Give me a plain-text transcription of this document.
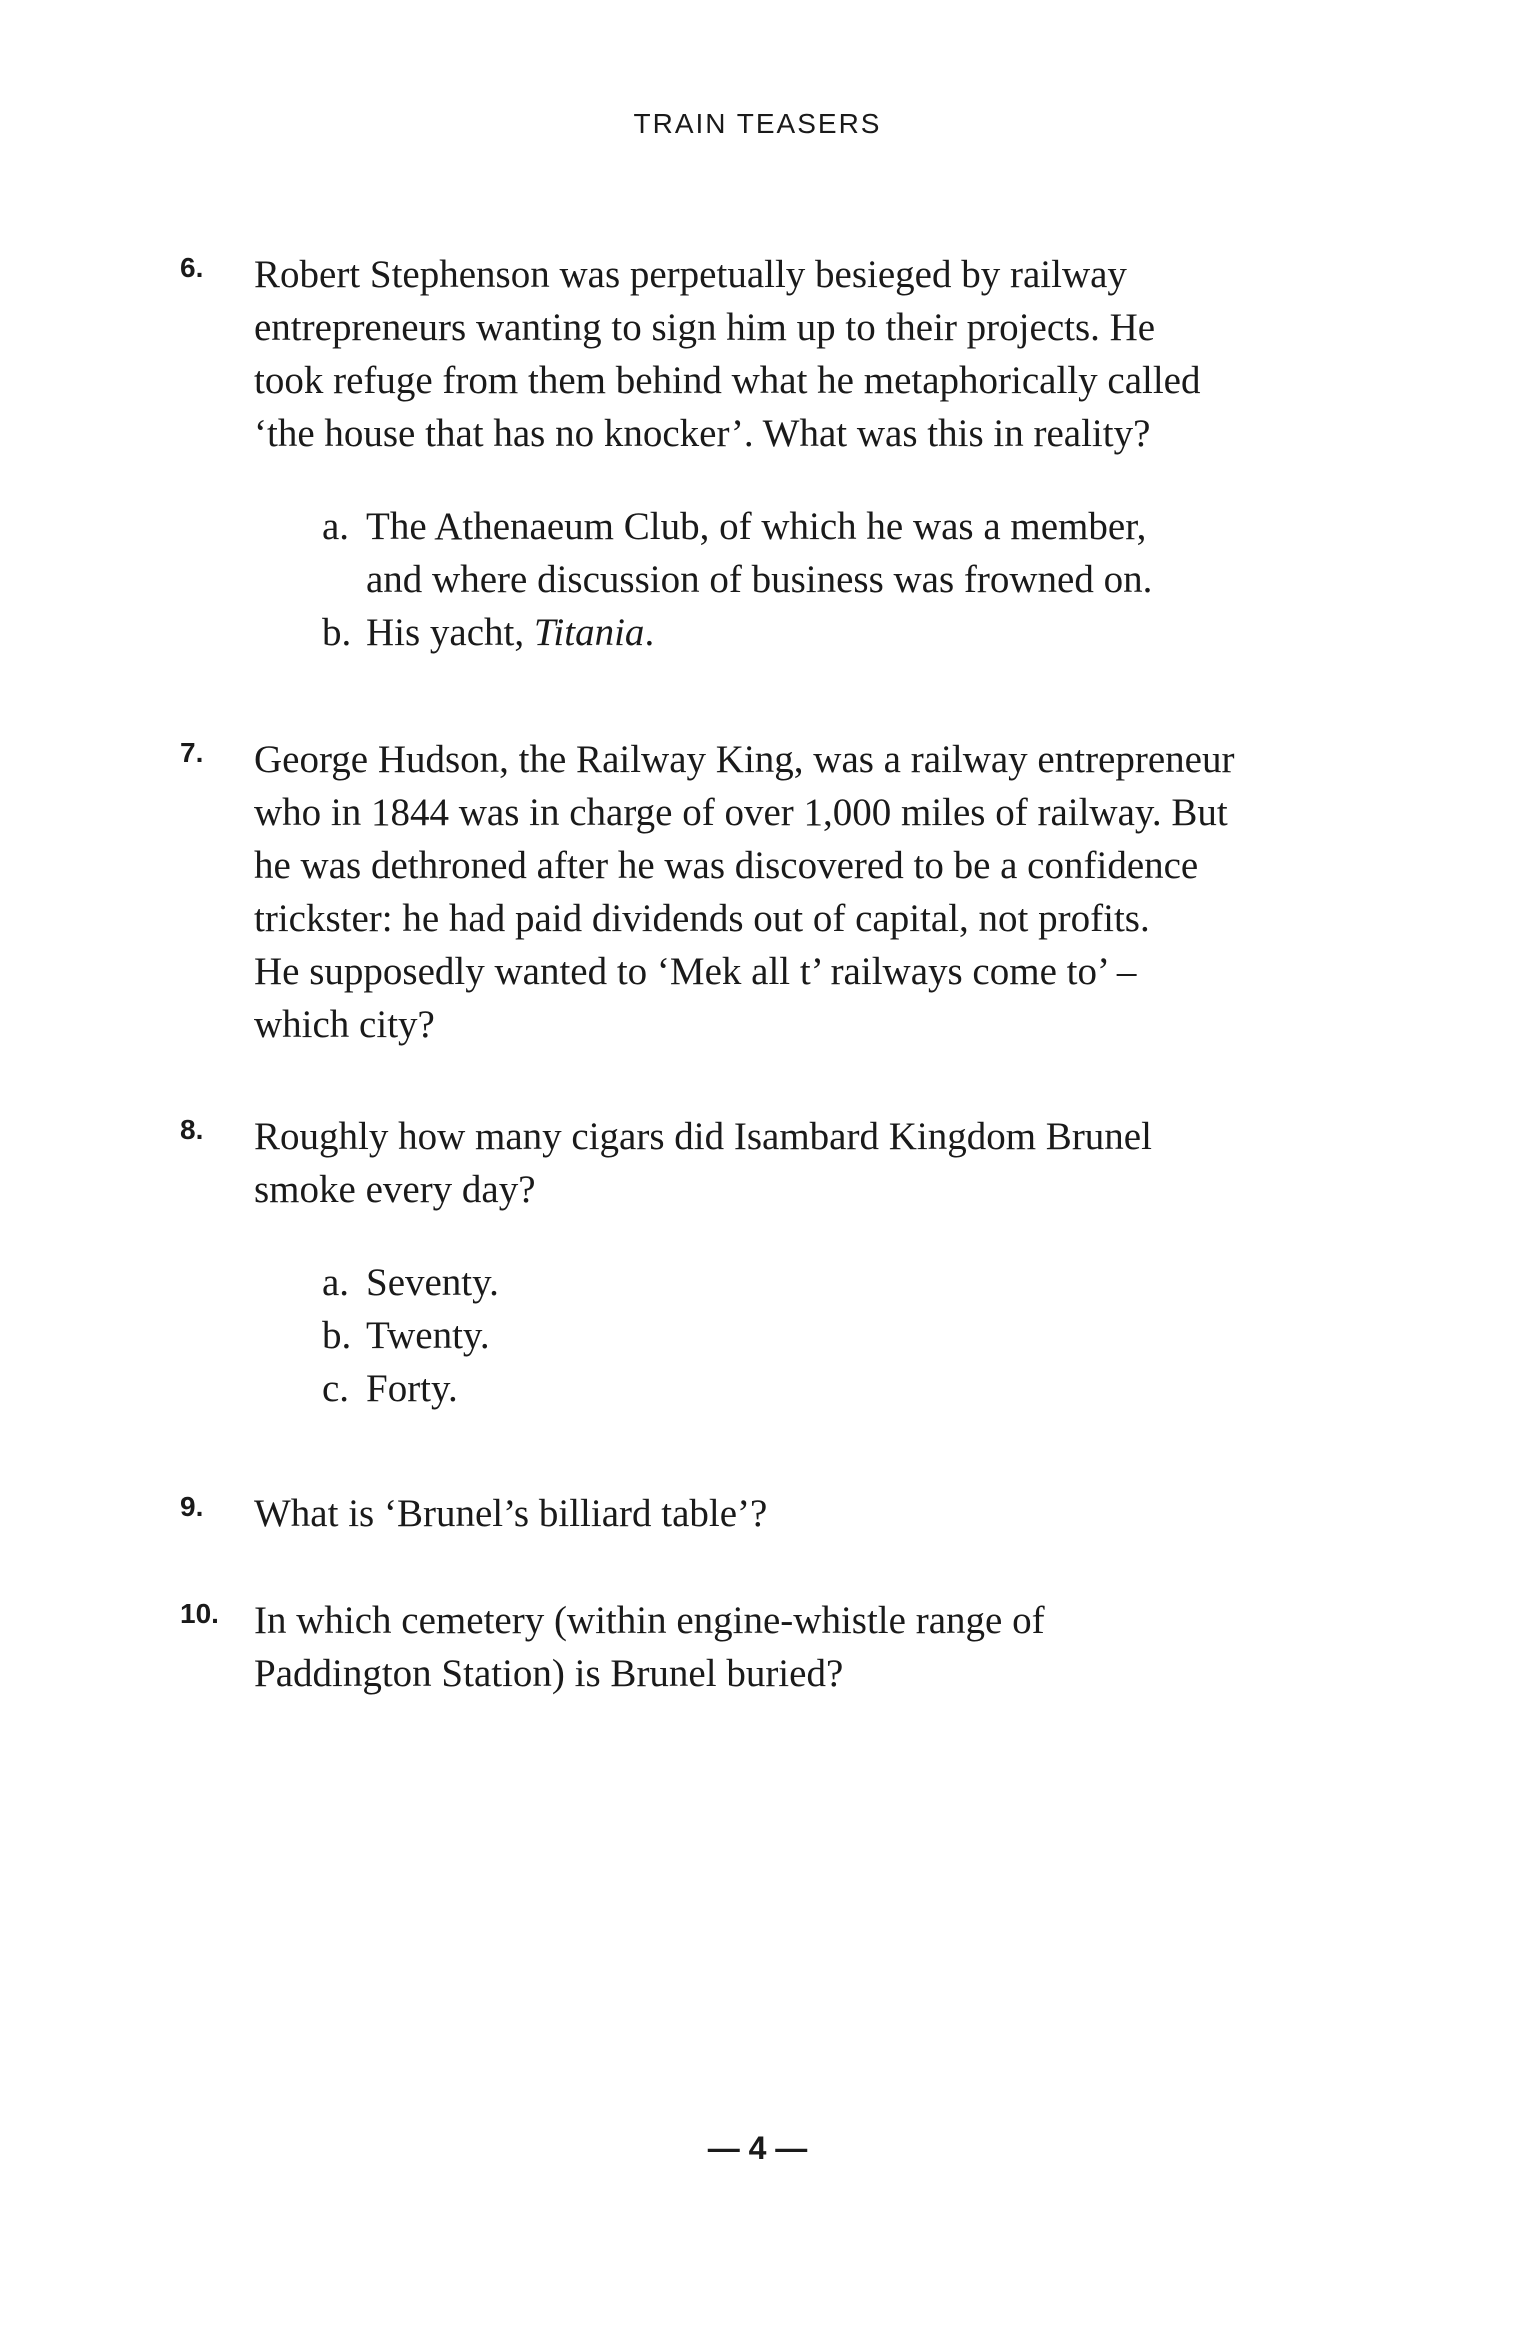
TRAIN TEASERS
6. Robert Stephenson was perpetually besieged by railway
entrepreneurs wanting to sign him up to their projects. He
took refuge from them behind what he metaphorically called
‘the house that has no knocker’. What was this in reality?
a. The Athenaeum Club, of which he was a member,
and where discussion of business was frowned on.
b. His yacht, Titania.
7. George Hudson, the Railway King, was a railway entrepreneur
who in 1844 was in charge of over 1,000 miles of railway. But
he was dethroned after he was discovered to be a confidence
trickster: he had paid dividends out of capital, not profits.
He supposedly wanted to ‘Mek all t’ railways come to’ –
which city?
8. Roughly how many cigars did Isambard Kingdom Brunel
smoke every day?
a. Seventy.
b. Twenty.
c. Forty.
9. What is ‘Brunel’s billiard table’?
10. In which cemetery (within engine-whistle range of
Paddington Station) is Brunel buried?
— 4 —
